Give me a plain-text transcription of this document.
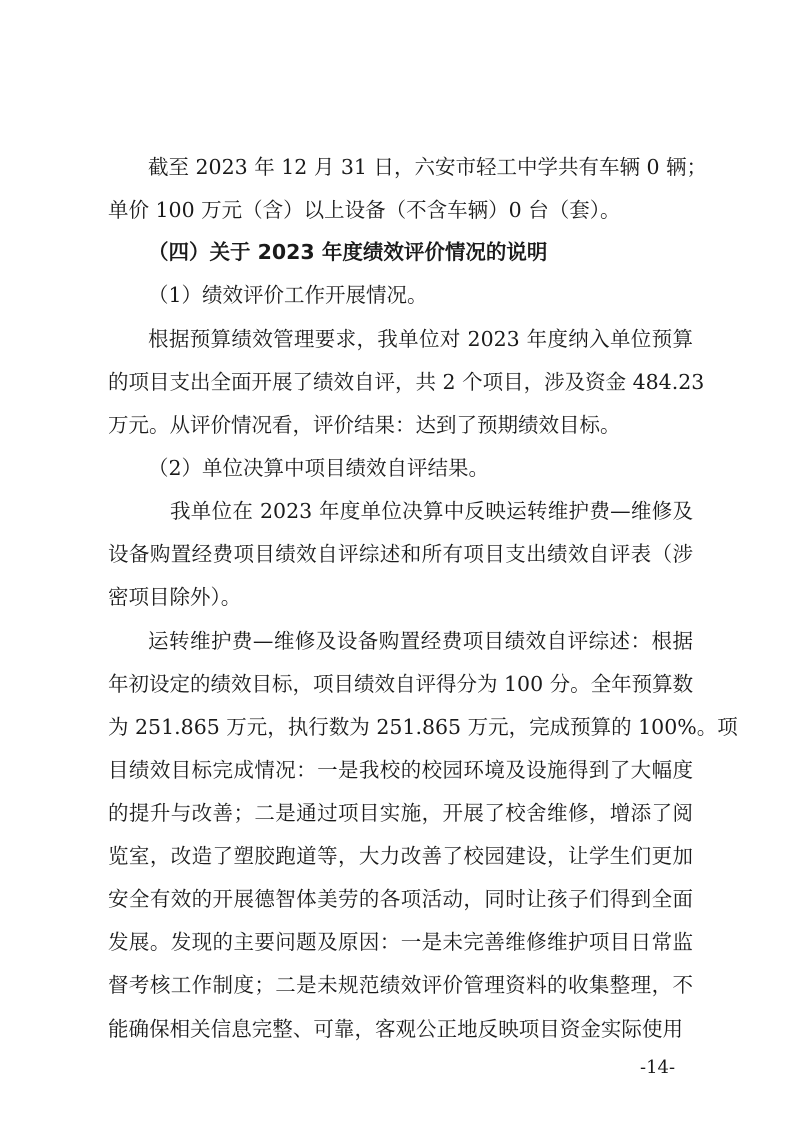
截至 2023 年 12 月 31 日，六安市轻工中学共有车辆 0 辆；
单价 100 万元（含）以上设备（不含车辆）0 台（套）。
（四）关于 2023 年度绩效评价情况的说明
（1）绩效评价工作开展情况。
根据预算绩效管理要求，我单位对 2023 年度纳入单位预算
的项目支出全面开展了绩效自评，共 2 个项目，涉及资金 484.23
万元。从评价情况看，评价结果：达到了预期绩效目标。
（2）单位决算中项目绩效自评结果。
我单位在 2023 年度单位决算中反映运转维护费—维修及
设备购置经费项目绩效自评综述和所有项目支出绩效自评表（涉
密项目除外）。
运转维护费—维修及设备购置经费项目绩效自评综述：根据
年初设定的绩效目标，项目绩效自评得分为 100 分。全年预算数
为 251.865 万元，执行数为 251.865 万元，完成预算的 100%。项
目绩效目标完成情况：一是我校的校园环境及设施得到了大幅度
的提升与改善；二是通过项目实施，开展了校舍维修，增添了阅
览室，改造了塑胶跑道等，大力改善了校园建设，让学生们更加
安全有效的开展德智体美劳的各项活动，同时让孩子们得到全面
发展。发现的主要问题及原因：一是未完善维修维护项目日常监
督考核工作制度；二是未规范绩效评价管理资料的收集整理，不
能确保相关信息完整、可靠，客观公正地反映项目资金实际使用
-14-
